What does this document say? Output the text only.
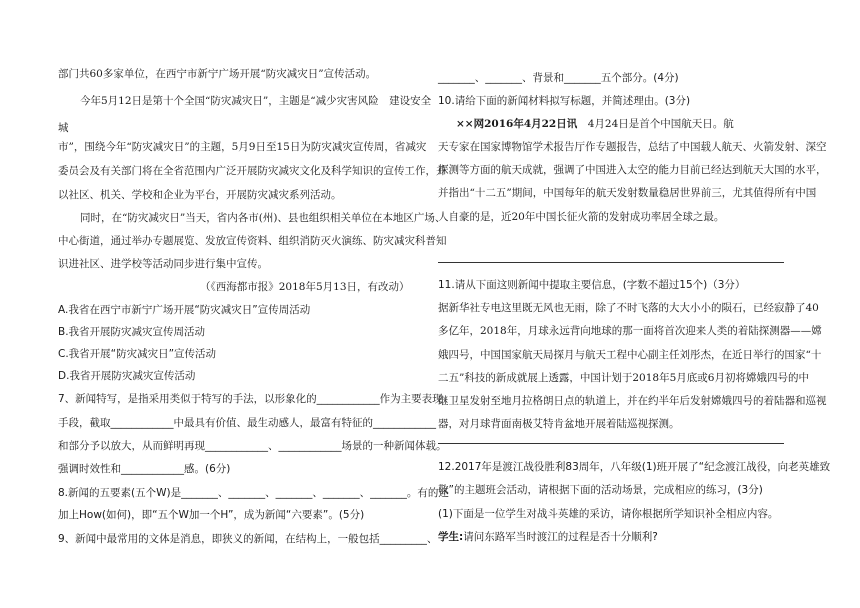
部门共60多家单位，在西宁市新宁广场开展“防灾减灾日”宣传活动。
今年5月12日是第十个全国“防灾减灾日”，主题是“减少灾害风险　建设安全
城
市”，围绕今年“防灾减灾日”的主题，5月9日至15日为防灾减灾宣传周，省减灾
委员会及有关部门将在全省范围内广泛开展防灾减灾文化及科学知识的宣传工作，并
以社区、机关、学校和企业为平台，开展防灾减灾系列活动。
同时，在“防灾减灾日”当天，省内各市(州)、县也组织相关单位在本地区广场、
中心街道，通过举办专题展览、发放宣传资料、组织消防灭火演练、防灾减灾科普知
识进社区、进学校等活动同步进行集中宣传。
（《西海都市报》2018年5月13日，有改动）
A.我省在西宁市新宁广场开展“防灾减灾日”宣传周活动
B.我省开展防灾减灾宣传周活动
C.我省开展“防灾减灾日”宣传活动
D.我省开展防灾减灾宣传活动
7、新闻特写，是指采用类似于特写的手法，以形象化的____________作为主要表现
手段，截取____________中最具有价值、最生动感人，最富有特征的____________
和部分予以放大，从而鲜明再现____________、____________场景的一种新闻体载。
强调时效性和____________感。(6分)
8.新闻的五要素(五个W)是_______、_______、_______、_______、_______。有的还
加上How(如何)，即“五个W加一个H”，成为新闻“六要素”。(5分)
9、新闻中最常用的文体是消息，即狭义的新闻，在结构上，一般包括_________、
_______、_______、背景和_______五个部分。(4分)
10.请给下面的新闻材料拟写标题，并简述理由。(3分)
××网2016年4月22日讯  4月24日是首个中国航天日。航
天专家在国家博物馆学术报告厅作专题报告，总结了中国载人航天、火箭发射、深空
探测等方面的航天成就，强调了中国进入太空的能力目前已经达到航天大国的水平，
并指出“十二五”期间，中国每年的航天发射数量稳居世界前三，尤其值得所有中国
人自豪的是，近20年中国长征火箭的发射成功率居全球之最。
11.请从下面这则新闻中提取主要信息，(字数不超过15个)（3分）
据新华社专电这里既无风也无雨，除了不时飞落的大大小小的陨石，已经寂静了40
多亿年，2018年，月球永远背向地球的那一面将首次迎来人类的着陆探测器——嫦
娥四号，中国国家航天局探月与航天工程中心副主任刘彤杰，在近日举行的国家“十
二五”科技的新成就展上透露，中国计划于2018年5月底或6月初将嫦娥四号的中
继卫星发射至地月拉格朗日点的轨道上，并在约半年后发射嫦娥四号的着陆器和巡视
器，对月球背面南极艾特肯盆地开展着陆巡视探测。
12.2017年是渡江战役胜利83周年，八年级(1)班开展了“纪念渡江战役，向老英雄致
敬”的主题班会活动，请根据下面的活动场景，完成相应的练习，(3分)
(1)下面是一位学生对战斗英雄的采访，请你根据所学知识补全相应内容。
学生:请问东路军当时渡江的过程是否十分顺利?
